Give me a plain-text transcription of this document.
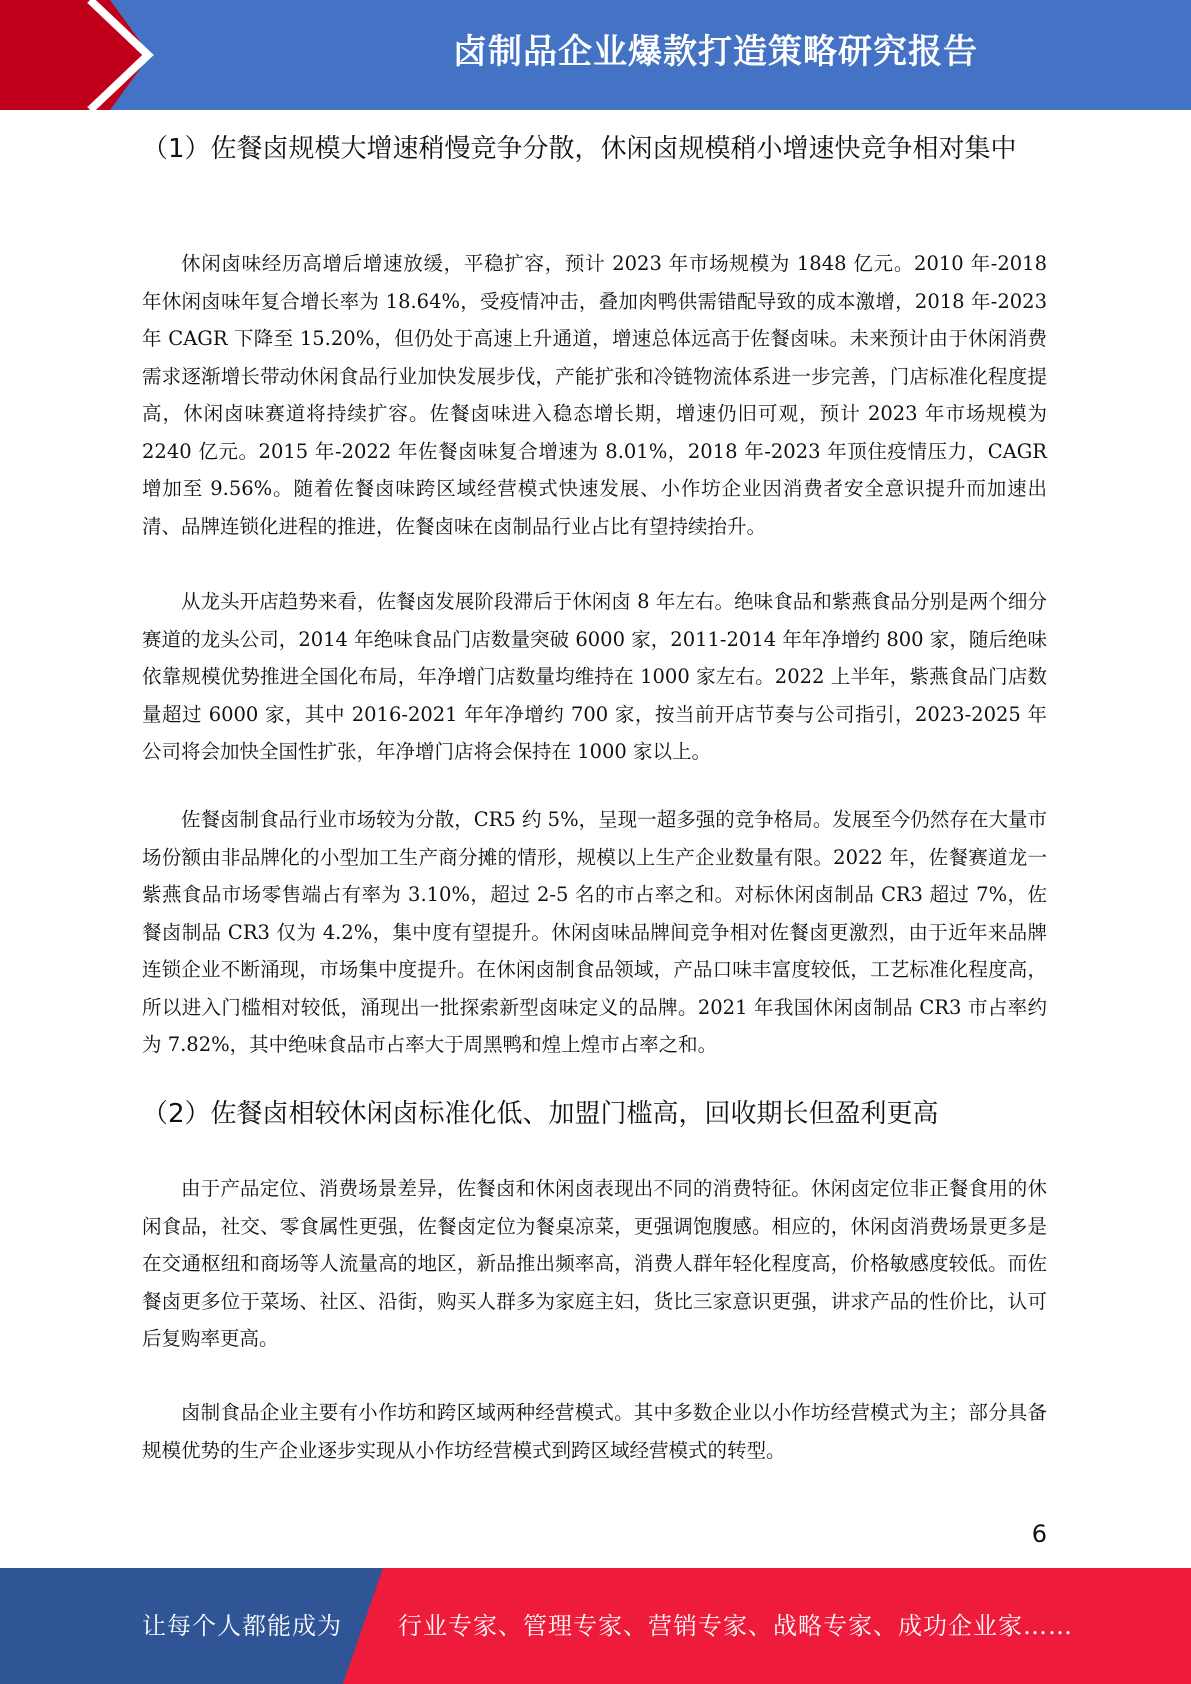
卤制品企业爆款打造策略研究报告
（1）佐餐卤规模大增速稍慢竞争分散，休闲卤规模稍小增速快竞争相对集中
休闲卤味经历高增后增速放缓，平稳扩容，预计 2023 年市场规模为 1848 亿元。2010 年-2018 年休闲卤味年复合增长率为 18.64%，受疫情冲击，叠加肉鸭供需错配导致的成本激增，2018 年-2023 年 CAGR 下降至 15.20%，但仍处于高速上升通道，增速总体远高于佐餐卤味。未来预计由于休闲消费需求逐渐增长带动休闲食品行业加快发展步伐，产能扩张和冷链物流体系进一步完善，门店标准化程度提高，休闲卤味赛道将持续扩容。佐餐卤味进入稳态增长期，增速仍旧可观，预计 2023 年市场规模为 2240 亿元。2015 年-2022 年佐餐卤味复合增速为 8.01%，2018 年-2023 年顶住疫情压力，CAGR 增加至 9.56%。随着佐餐卤味跨区域经营模式快速发展、小作坊企业因消费者安全意识提升而加速出清、品牌连锁化进程的推进，佐餐卤味在卤制品行业占比有望持续抬升。
从龙头开店趋势来看，佐餐卤发展阶段滞后于休闲卤 8 年左右。绝味食品和紫燕食品分别是两个细分赛道的龙头公司，2014 年绝味食品门店数量突破 6000 家，2011-2014 年年净增约 800 家，随后绝味依靠规模优势推进全国化布局，年净增门店数量均维持在 1000 家左右。2022 上半年，紫燕食品门店数量超过 6000 家，其中 2016-2021 年年净增约 700 家，按当前开店节奏与公司指引，2023-2025 年公司将会加快全国性扩张，年净增门店将会保持在 1000 家以上。
佐餐卤制食品行业市场较为分散，CR5 约 5%，呈现一超多强的竞争格局。发展至今仍然存在大量市场份额由非品牌化的小型加工生产商分摊的情形，规模以上生产企业数量有限。2022 年，佐餐赛道龙一紫燕食品市场零售端占有率为 3.10%，超过 2-5 名的市占率之和。对标休闲卤制品 CR3 超过 7%，佐餐卤制品 CR3 仅为 4.2%，集中度有望提升。休闲卤味品牌间竞争相对佐餐卤更激烈，由于近年来品牌连锁企业不断涌现，市场集中度提升。在休闲卤制食品领域，产品口味丰富度较低，工艺标准化程度高，所以进入门槛相对较低，涌现出一批探索新型卤味定义的品牌。2021 年我国休闲卤制品 CR3 市占率约为 7.82%，其中绝味食品市占率大于周黑鸭和煌上煌市占率之和。
（2）佐餐卤相较休闲卤标准化低、加盟门槛高，回收期长但盈利更高
由于产品定位、消费场景差异，佐餐卤和休闲卤表现出不同的消费特征。休闲卤定位非正餐食用的休闲食品，社交、零食属性更强，佐餐卤定位为餐桌凉菜，更强调饱腹感。相应的，休闲卤消费场景更多是在交通枢纽和商场等人流量高的地区，新品推出频率高，消费人群年轻化程度高，价格敏感度较低。而佐餐卤更多位于菜场、社区、沿街，购买人群多为家庭主妇，货比三家意识更强，讲求产品的性价比，认可后复购率更高。
卤制食品企业主要有小作坊和跨区域两种经营模式。其中多数企业以小作坊经营模式为主；部分具备规模优势的生产企业逐步实现从小作坊经营模式到跨区域经营模式的转型。
6
让每个人都能成为 行业专家、管理专家、营销专家、战略专家、成功企业家……
